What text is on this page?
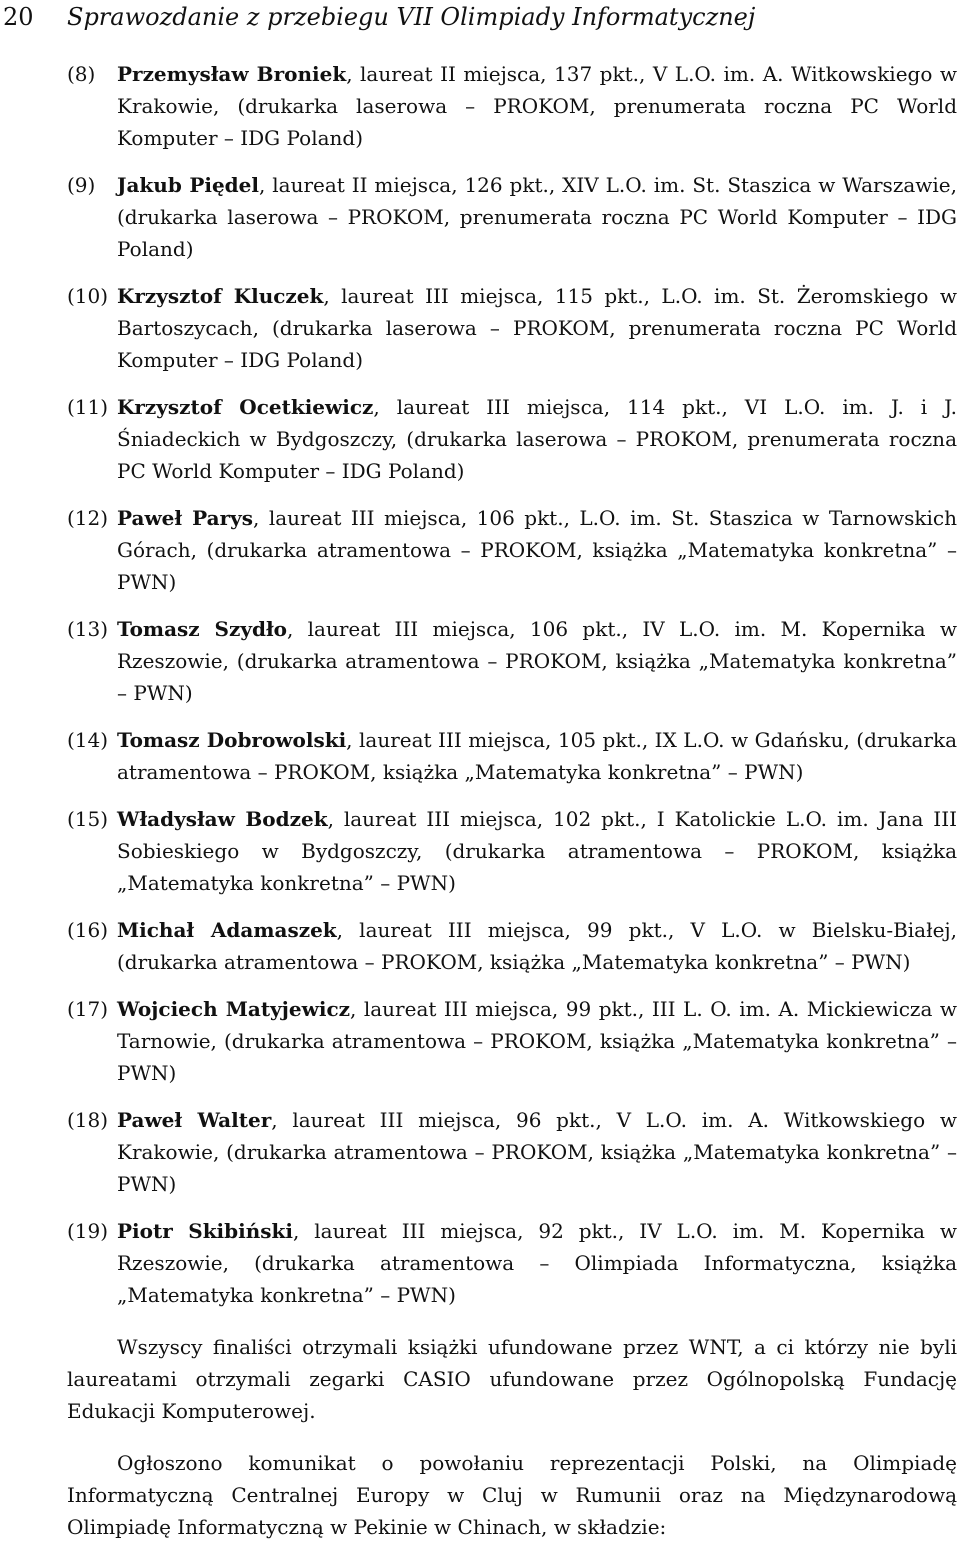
20 Sprawozdanie z przebiegu VII Olimpiady Informatycznej
(8)	Przemysław Broniek, laureat II miejsca, 137 pkt., V L.O. im. A. Witkowskiego w Krakowie, (drukarka laserowa – PROKOM, prenumerata roczna PC World Komputer – IDG Poland)
(9)	Jakub Piędel, laureat II miejsca, 126 pkt., XIV L.O. im. St. Staszica w Warszawie, (drukarka laserowa – PROKOM, prenumerata roczna PC World Komputer – IDG Poland)
(10) Krzysztof Kluczek, laureat III miejsca, 115 pkt., L.O. im. St. Żeromskiego w Bartoszycach, (drukarka laserowa – PROKOM, prenumerata roczna PC World Komputer – IDG Poland)
(11) Krzysztof Ocetkiewicz, laureat III miejsca, 114 pkt., VI L.O. im. J. i J. Śniadeckich w Bydgoszczy, (drukarka laserowa – PROKOM, prenumerata roczna PC World Komputer – IDG Poland)
(12) Paweł Parys, laureat III miejsca, 106 pkt., L.O. im. St. Staszica w Tarnowskich Górach, (drukarka atramentowa – PROKOM, książka „Matematyka konkretna” – PWN)
(13) Tomasz Szydło, laureat III miejsca, 106 pkt., IV L.O. im. M. Kopernika w Rzeszowie, (drukarka atramentowa – PROKOM, książka „Matematyka konkretna” – PWN)
(14) Tomasz Dobrowolski, laureat III miejsca, 105 pkt., IX L.O. w Gdańsku, (drukarka atramentowa – PROKOM, książka „Matematyka konkretna” – PWN)
(15) Władysław Bodzek, laureat III miejsca, 102 pkt., I Katolickie L.O. im. Jana III Sobieskiego w Bydgoszczy, (drukarka atramentowa – PROKOM, książka „Matematyka konkretna” – PWN)
(16) Michał Adamaszek, laureat III miejsca, 99 pkt., V L.O. w Bielsku-Białej, (drukarka atramentowa – PROKOM, książka „Matematyka konkretna” – PWN)
(17) Wojciech Matyjewicz, laureat III miejsca, 99 pkt., III L. O. im. A. Mickiewicza w Tarnowie, (drukarka atramentowa – PROKOM, książka „Matematyka konkretna” – PWN)
(18) Paweł Walter, laureat III miejsca, 96 pkt., V L.O. im. A. Witkowskiego w Krakowie, (drukarka atramentowa – PROKOM, książka „Matematyka konkretna” – PWN)
(19) Piotr Skibiński, laureat III miejsca, 92 pkt., IV L.O. im. M. Kopernika w Rzeszowie, (drukarka atramentowa – Olimpiada Informatyczna, książka „Matematyka konkretna” – PWN)

Wszyscy finaliści otrzymali książki ufundowane przez WNT, a ci którzy nie byli laureatami otrzymali zegarki CASIO ufundowane przez Ogólnopolską Fundację Edukacji Komputerowej.

Ogłoszono komunikat o powołaniu reprezentacji Polski, na Olimpiadę Informatyczną Centralnej Europy w Cluj w Rumunii oraz na Międzynarodową Olimpiadę Informatyczną w Pekinie w Chinach, w składzie:
